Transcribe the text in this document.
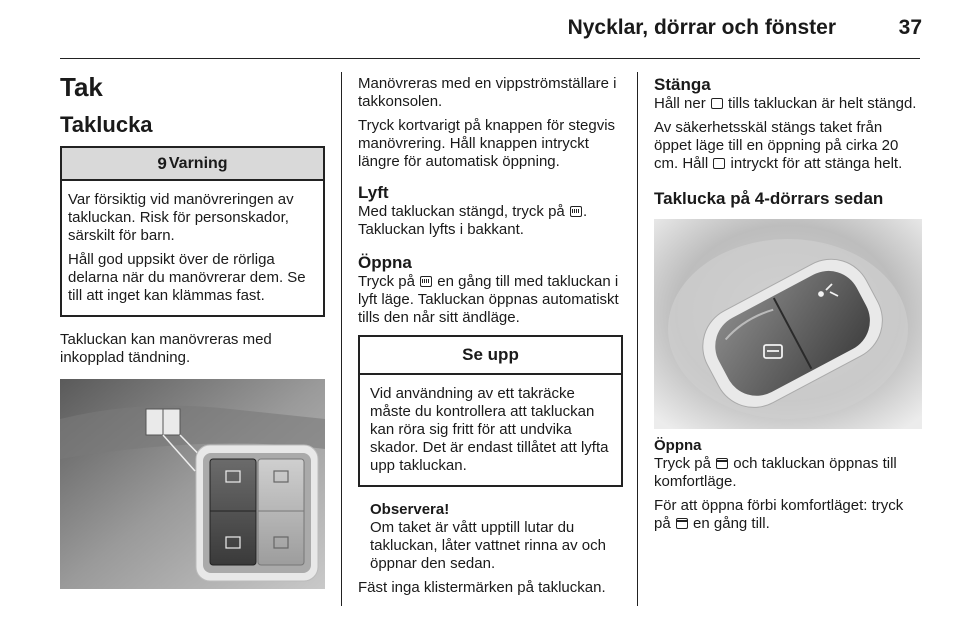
Nycklar, dörrar och fönster	37
Tak
Taklucka
9 Varning

Var försiktig vid manövreringen av takluckan. Risk för personskador, särskilt för barn.

Håll god uppsikt över de rörliga delarna när du manövrerar dem. Se till att inget kan klämmas fast.

Takluckan kan manövreras med inkopplad tändning.

Manövreras med en vippströmställare i takkonsolen.

Tryck kortvarigt på knappen för stegvis manövrering. Håll knappen intryckt längre för automatisk öppning.

Lyft

Med takluckan stängd, tryck på . Takluckan lyfts i bakkant.

Öppna

Tryck på en gång till med takluckan i lyft läge. Takluckan öppnas automatiskt tills den når sitt ändläge.

Se upp

Vid användning av ett takräcke måste du kontrollera att takluckan kan röra sig fritt för att undvika skador. Det är endast tillåtet att lyfta upp takluckan.

Observera!

Om taket är vått upptill lutar du takluckan, låter vattnet rinna av och öppnar den sedan.

Fäst inga klistermärken på takluckan.

Stänga

Håll ner tills takluckan är helt stängd.

Av säkerhetsskäl stängs taket från öppet läge till en öppning på cirka 20 cm. Håll intryckt för att stänga helt.

Taklucka på 4-dörrars sedan
Öppna

Tryck på och takluckan öppnas till komfortläge.

För att öppna förbi komfortläget: tryck på en gång till.
